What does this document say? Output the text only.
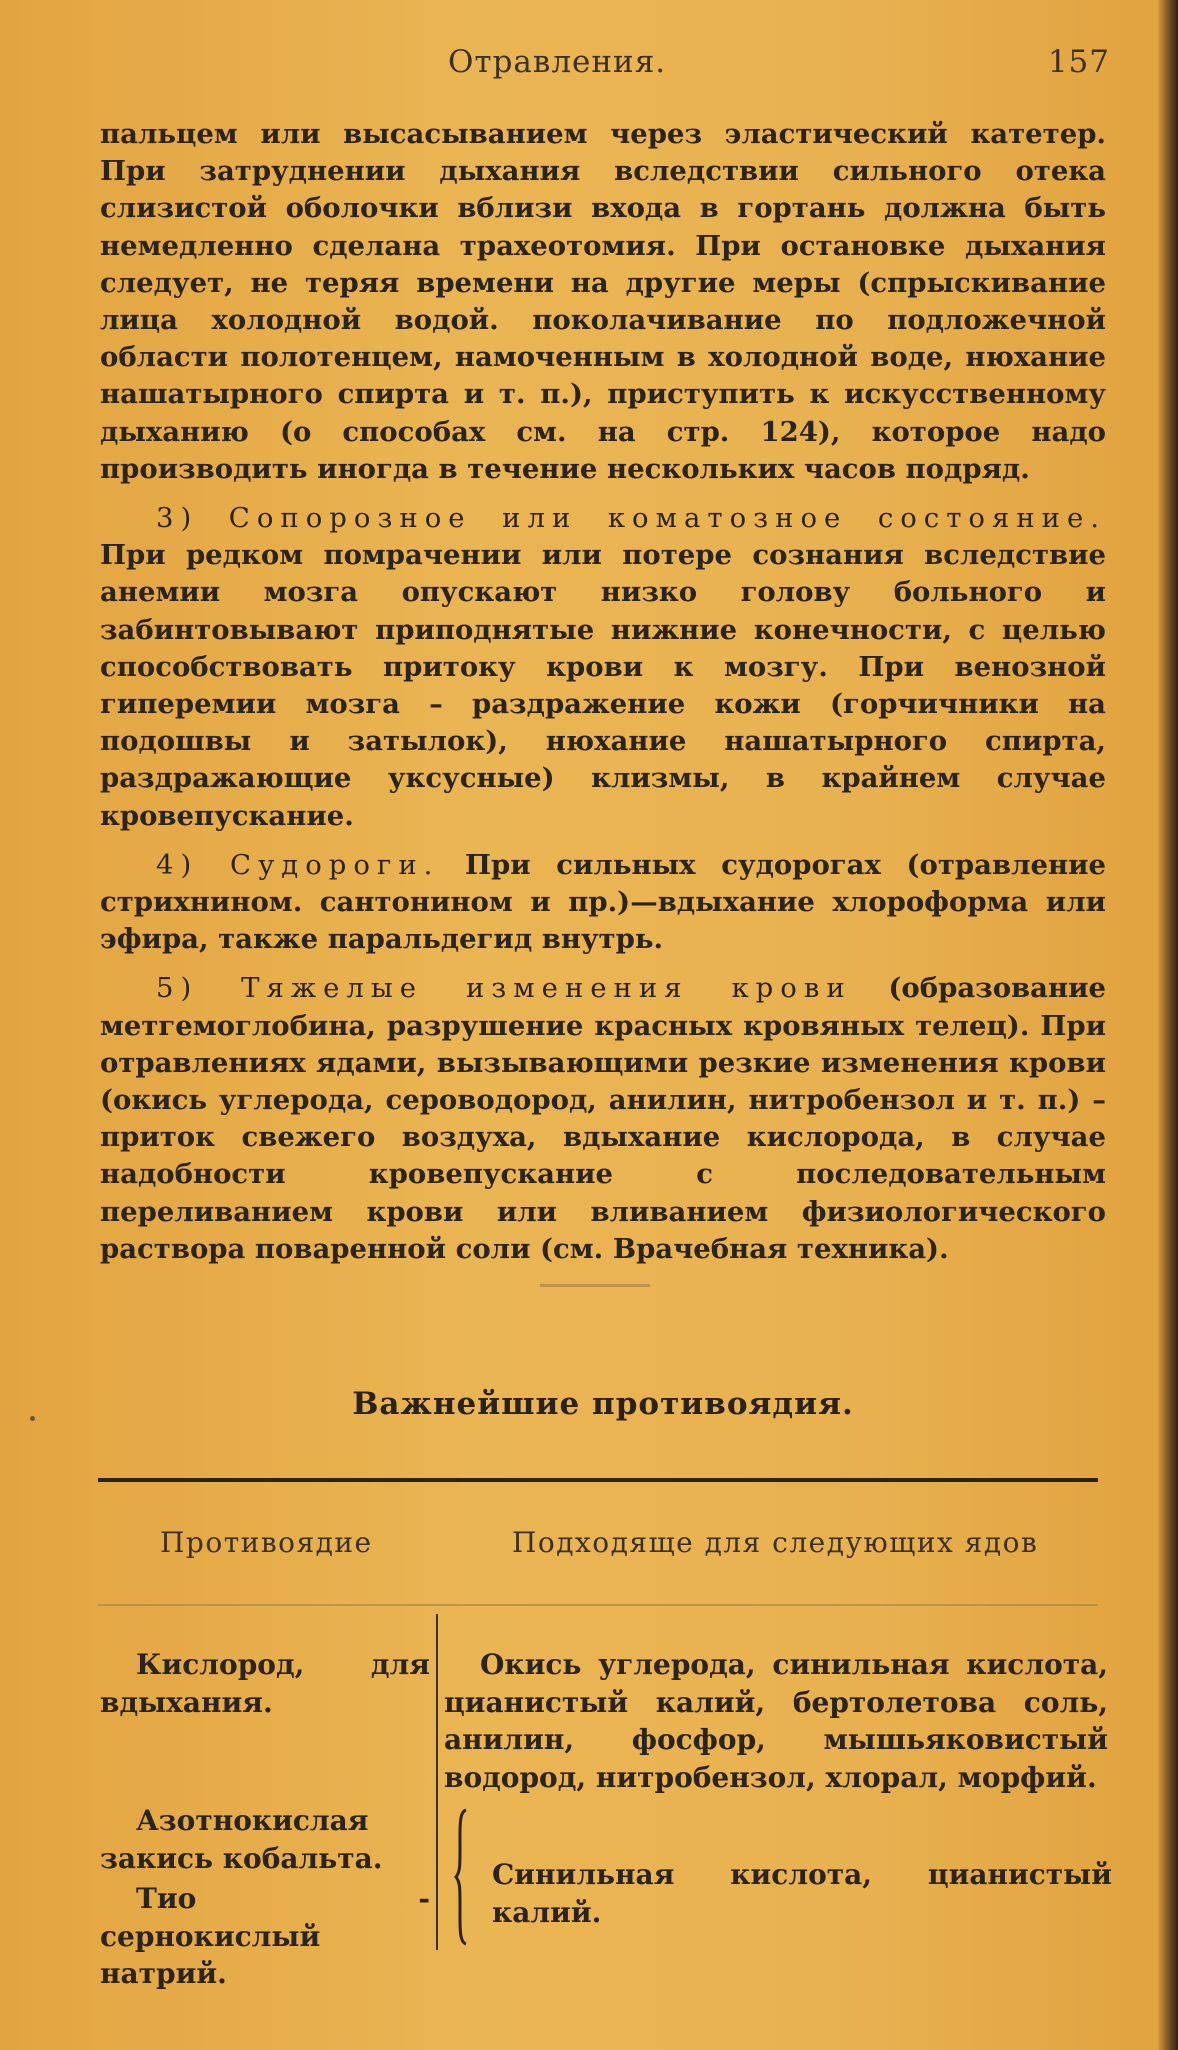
Отравления.	157

пальцем или высасыванием через эластический катетер. При затруднении дыхания вследствии сильного отека слизистой оболочки вблизи входа в гортань должна быть немедленно сделана трахеотомия. При остановке дыхания следует, не теряя времени на другие меры (спрыскивание лица холодной водой. поколачивание по подложечной области полотенцем, намоченным в холодной воде, нюхание нашатырного спирта и т. п.), приступить к искусственному дыханию (о способах см. на стр. 124), которое надо производить иногда в течение нескольких часов подряд.

3) Сопорозное или коматозное состояние. При редком помрачении или потере сознания вследствие анемии мозга опускают низко голову больного и забинтовывают приподнятые нижние конечности, с целью способствовать притоку крови к мозгу. При венозной гиперемии мозга – раздражение кожи (горчичники на подошвы и затылок), нюхание нашатырного спирта, раздражающие уксусные) клизмы, в крайнем случае кровепускание.

4) Судороги. При сильных судорогах (отравление стрихнином. сантонином и пр.)—вдыхание хлороформа или эфира, также парaльдегид внутрь.

5) Тяжелые изменения крови (образование метгемоглобина, разрушение красных кровяных телец). При отравлениях ядами, вызывающими резкие изменения крови (окись углерода, сероводород, анилин, нитробензол и т. п.) – приток свежего воздуха, вдыхание кислорода, в случае надобности кровепускание с последовательным переливанием крови или вливанием физиологического раствора поваренной соли (см. Врачебная техника).

Важнейшие противоядия.
Противоядие	Подходяще для следующих ядов
Кислород, для вдыхания.
Окись углерода, синильная кислота, цианистый калий, бертолетова соль, анилин, фосфор, мышьяковистый водород, нитробензол, хлорал, морфий.
Азотнокислая закись кобальта.
Тио - сернокислый натрий.
Синильная кислота, цианистый калий.
